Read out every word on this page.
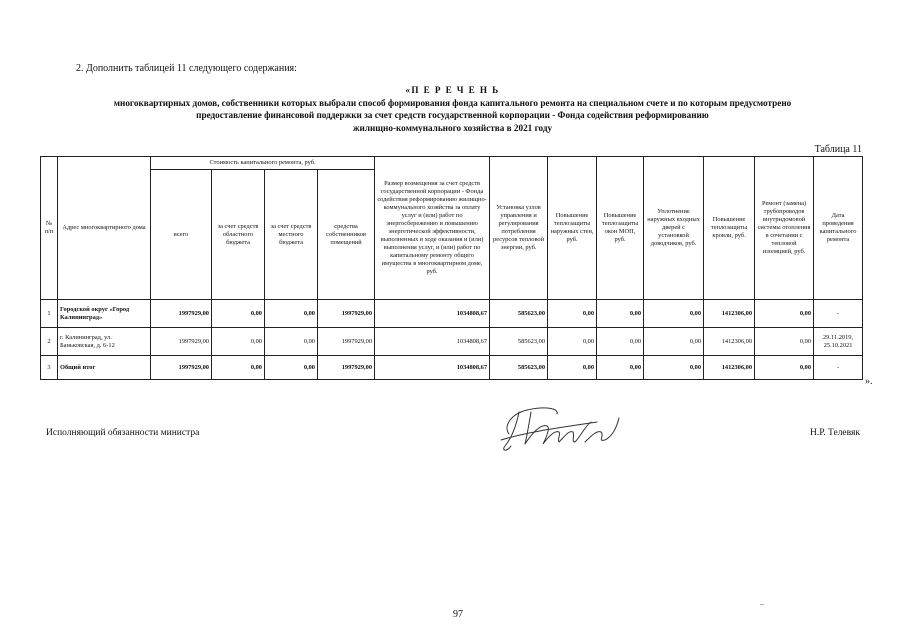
2. Дополнить таблицей 11 следующего содержания:
«П Е Р Е Ч Е Н Ь
многоквартирных домов, собственники которых выбрали способ формирования фонда капитального ремонта на специальном счете и по которым предусмотрено
предоставление финансовой поддержки за счет средств государственной корпорации - Фонда содействия реформированию
жилищно-коммунального хозяйства в 2021 году
Таблица 11
№ п/п	Адрес многоквартирного дома	Стоимость капитального ремонта, руб.				Размер возмещения за счет средств государственной корпорации - Фонда содействия реформированию жилищно-коммунального хозяйства за оплату услуг и (или) работ по энергосбережению и повышению энергетической эффективности, выполненных в ходе оказания и (или) выполнения услуг, и (или) работ по капитальному ремонту общего имущества в многоквартирном доме, руб.	Установка узлов управления и регулирования потребления ресурсов тепловой энергии, руб.	Повышение теплозащиты наружных стен, руб.	Повышение теплозащиты окон МОП, руб.	Уплотнение наружных входных дверей с установкой доводчиков, руб.	Повышение теплозащиты кровли, руб.	Ремонт (замена) трубопроводов внутридомовой системы отопления в сочетании с тепловой изоляцией, руб.	Дата проведения капитального ремонта
		всего	за счет средств областного бюджета	за счет средств местного бюджета	средства собственников помещений								
1	Городской округ «Город Калининград»	1997929,00	0,00	0,00	1997929,00	1034808,67	585623,00	0,00	0,00	0,00	1412306,00	0,00	-
2	г. Калининград, ул. Баньковская, д. 6-12	1997929,00	0,00	0,00	1997929,00	1034808,67	585623,00	0,00	0,00	0,00	1412306,00	0,00	29.11.2019, 25.10.2021
3	Общий итог	1997929,00	0,00	0,00	1997929,00	1034808,67	585623,00	0,00	0,00	0,00	1412306,00	0,00	-
».
Исполняющий обязанности министра	Н.Р. Телевяк
97
